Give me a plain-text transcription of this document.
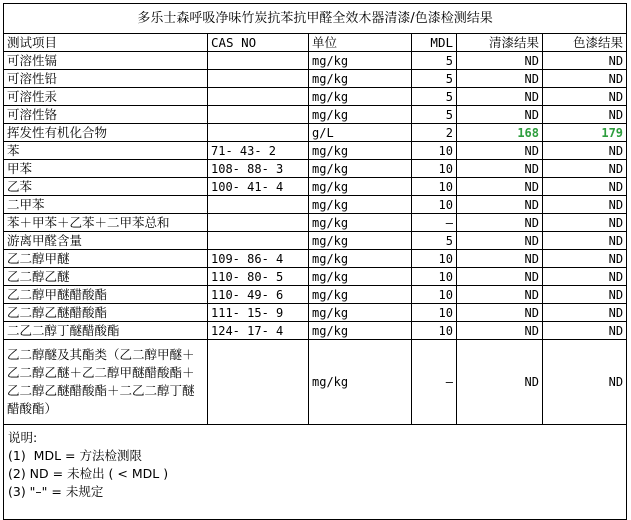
多乐士森呼吸净味竹炭抗苯抗甲醛全效木器清漆/色漆检测结果					
测试项目	CAS NO	单位	MDL	清漆结果	色漆结果
可溶性镉		mg/kg	5	ND	ND
可溶性铅		mg/kg	5	ND	ND
可溶性汞		mg/kg	5	ND	ND
可溶性铬		mg/kg	5	ND	ND
挥发性有机化合物		g/L	2	168	179
苯	71- 43- 2	mg/kg	10	ND	ND
甲苯	108- 88- 3	mg/kg	10	ND	ND
乙苯	100- 41- 4	mg/kg	10	ND	ND
二甲苯		mg/kg	10	ND	ND
苯＋甲苯＋乙苯＋二甲苯总和		mg/kg	–	ND	ND
游离甲醛含量		mg/kg	5	ND	ND
乙二醇甲醚	109- 86- 4	mg/kg	10	ND	ND
乙二醇乙醚	110- 80- 5	mg/kg	10	ND	ND
乙二醇甲醚醋酸酯	110- 49- 6	mg/kg	10	ND	ND
乙二醇乙醚醋酸酯	111- 15- 9	mg/kg	10	ND	ND
二乙二醇丁醚醋酸酯	124- 17- 4	mg/kg	10	ND	ND
乙二醇醚及其酯类（乙二醇甲醚＋乙二醇乙醚＋乙二醇甲醚醋酸酯＋乙二醇乙醚醋酸酯＋二乙二醇丁醚醋酸酯）		mg/kg	–	ND	ND

说明:
(1)  MDL = 方法检测限
(2) ND = 未检出 ( < MDL )
(3) "–" = 未规定					
